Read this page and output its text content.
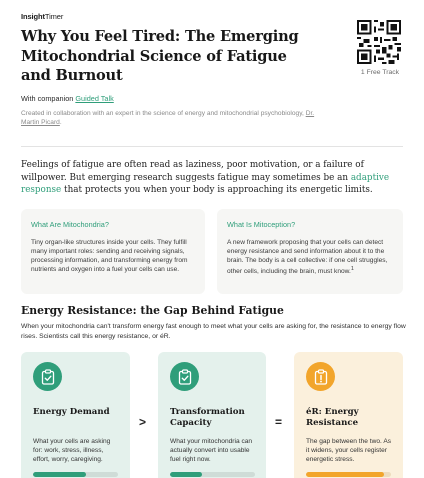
InsightTimer
Why You Feel Tired: The Emerging Mitochondrial Science of Fatigue and Burnout
With companion Guided Talk
Created in collaboration with an expert in the science of energy and mitochondrial psychobiology, Dr. Martin Picard.
1 Free Track

Feelings of fatigue are often read as laziness, poor motivation, or a failure of willpower. But emerging research suggests fatigue may sometimes be an adaptive response that protects you when your body is approaching its energetic limits.

What Are Mitochondria?
Tiny organ-like structures inside your cells. They fulfill many important roles: sending and receiving signals, processing information, and transforming energy from nutrients and oxygen into a fuel your cells can use.
What Is Mitoception?
A new framework proposing that your cells can detect energy resistance and send information about it to the brain. The body is a cell collective: if one cell struggles, other cells, including the brain, must know.$^1$
Energy Resistance: the Gap Behind Fatigue

When your mitochondria can't transform energy fast enough to meet what your cells are asking for, the resistance to energy flow rises. Scientists call this energy resistance, or éR.

Energy Demand
What your cells are asking for: work, stress, illness, effort, worry, caregiving.
>
Transformation Capacity
What your mitochondria can actually convert into usable fuel right now.
=
éR: Energy Resistance
The gap between the two. As it widens, your cells register energetic stress.
